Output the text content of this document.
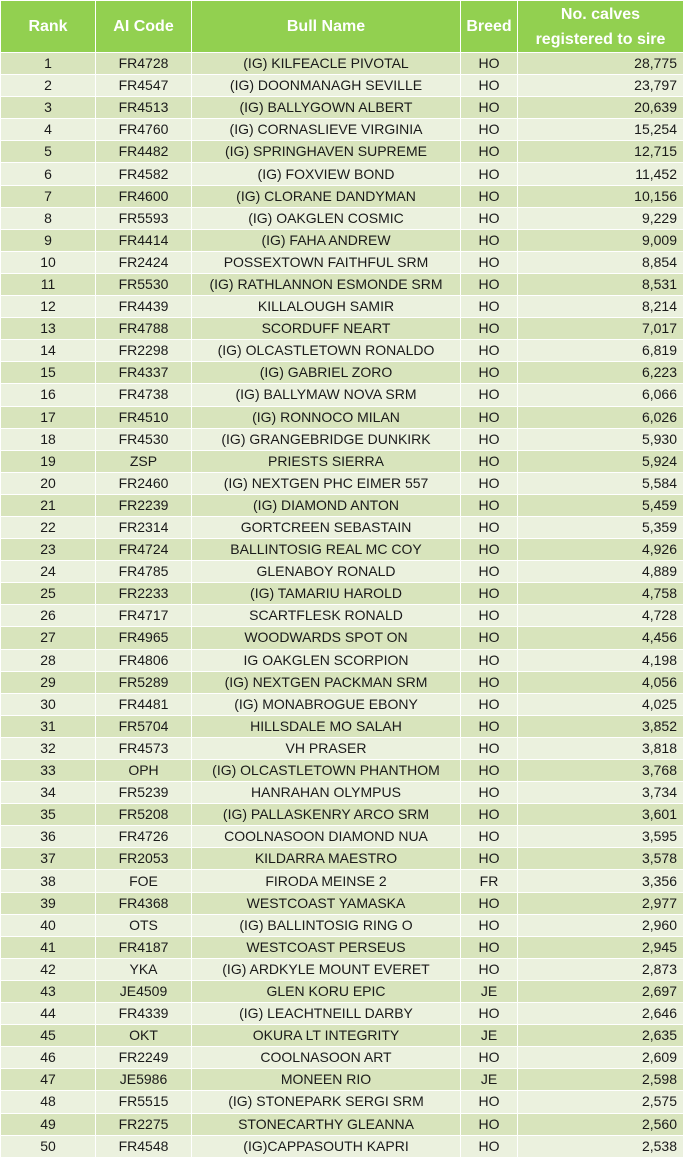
Rank	AI Code	Bull Name	Breed	No. calves
registered to sire
1	FR4728	(IG) KILFEACLE PIVOTAL	HO	28,775
2	FR4547	(IG) DOONMANAGH SEVILLE	HO	23,797
3	FR4513	(IG) BALLYGOWN ALBERT	HO	20,639
4	FR4760	(IG) CORNASLIEVE VIRGINIA	HO	15,254
5	FR4482	(IG) SPRINGHAVEN SUPREME	HO	12,715
6	FR4582	(IG) FOXVIEW BOND	HO	11,452
7	FR4600	(IG) CLORANE DANDYMAN	HO	10,156
8	FR5593	(IG) OAKGLEN COSMIC	HO	9,229
9	FR4414	(IG) FAHA ANDREW	HO	9,009
10	FR2424	POSSEXTOWN FAITHFUL SRM	HO	8,854
11	FR5530	(IG) RATHLANNON ESMONDE SRM	HO	8,531
12	FR4439	KILLALOUGH SAMIR	HO	8,214
13	FR4788	SCORDUFF NEART	HO	7,017
14	FR2298	(IG) OLCASTLETOWN RONALDO	HO	6,819
15	FR4337	(IG) GABRIEL ZORO	HO	6,223
16	FR4738	(IG) BALLYMAW NOVA SRM	HO	6,066
17	FR4510	(IG) RONNOCO MILAN	HO	6,026
18	FR4530	(IG) GRANGEBRIDGE DUNKIRK	HO	5,930
19	ZSP	PRIESTS SIERRA	HO	5,924
20	FR2460	(IG) NEXTGEN PHC EIMER 557	HO	5,584
21	FR2239	(IG) DIAMOND ANTON	HO	5,459
22	FR2314	GORTCREEN SEBASTAIN	HO	5,359
23	FR4724	BALLINTOSIG REAL MC COY	HO	4,926
24	FR4785	GLENABOY RONALD	HO	4,889
25	FR2233	(IG) TAMARIU HAROLD	HO	4,758
26	FR4717	SCARTFLESK RONALD	HO	4,728
27	FR4965	WOODWARDS SPOT ON	HO	4,456
28	FR4806	IG OAKGLEN SCORPION	HO	4,198
29	FR5289	(IG) NEXTGEN PACKMAN SRM	HO	4,056
30	FR4481	(IG) MONABROGUE EBONY	HO	4,025
31	FR5704	HILLSDALE MO SALAH	HO	3,852
32	FR4573	VH PRASER	HO	3,818
33	OPH	(IG) OLCASTLETOWN PHANTHOM	HO	3,768
34	FR5239	HANRAHAN OLYMPUS	HO	3,734
35	FR5208	(IG) PALLASKENRY ARCO SRM	HO	3,601
36	FR4726	COOLNASOON DIAMOND NUA	HO	3,595
37	FR2053	KILDARRA MAESTRO	HO	3,578
38	FOE	FIRODA MEINSE 2	FR	3,356
39	FR4368	WESTCOAST YAMASKA	HO	2,977
40	OTS	(IG) BALLINTOSIG RING O	HO	2,960
41	FR4187	WESTCOAST PERSEUS	HO	2,945
42	YKA	(IG) ARDKYLE MOUNT EVERET	HO	2,873
43	JE4509	GLEN KORU EPIC	JE	2,697
44	FR4339	(IG) LEACHTNEILL DARBY	HO	2,646
45	OKT	OKURA LT INTEGRITY	JE	2,635
46	FR2249	COOLNASOON ART	HO	2,609
47	JE5986	MONEEN RIO	JE	2,598
48	FR5515	(IG) STONEPARK SERGI SRM	HO	2,575
49	FR2275	STONECARTHY GLEANNA	HO	2,560
50	FR4548	(IG)CAPPASOUTH KAPRI	HO	2,538
